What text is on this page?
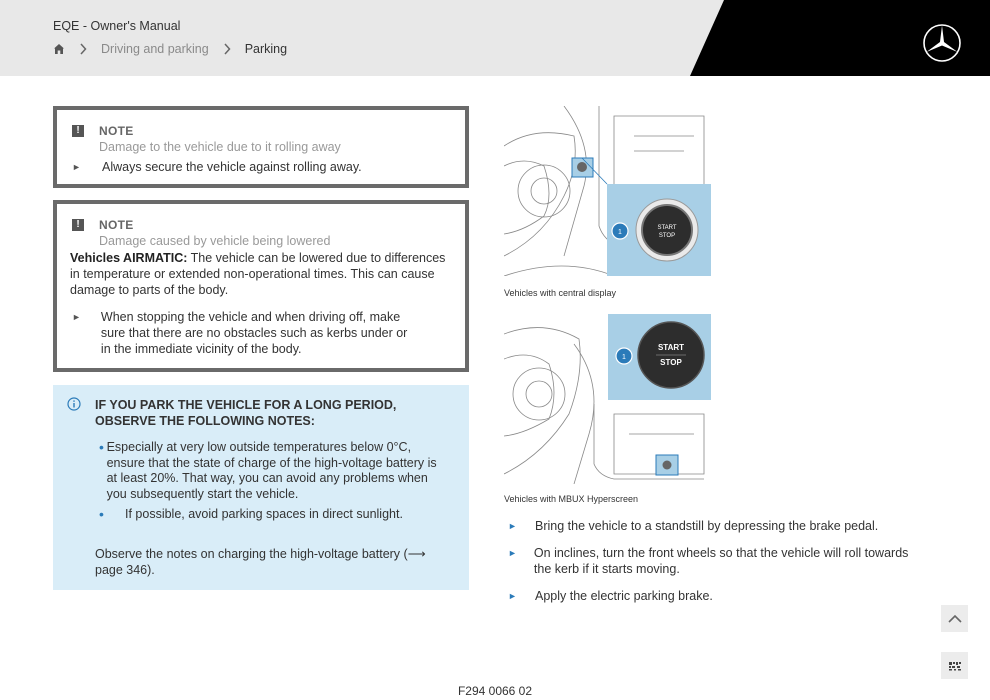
EQE - Owner's Manual
Driving and parking	Parking
!	NOTE
Damage to the vehicle due to it rolling away
► Always secure the vehicle against rolling away.
!	NOTE
Damage caused by vehicle being lowered
Vehicles AIRMATIC: The vehicle can be lowered due to differences in temperature or extended non-operational times. This can cause damage to parts of the body.
► When stopping the vehicle and when driving off, make sure that there are no obstacles such as kerbs under or in the immediate vicinity of the body.
IF YOU PARK THE VEHICLE FOR A LONG PERIOD, OBSERVE THE FOLLOWING NOTES:
• Especially at very low outside temperatures below 0°C, ensure that the state of charge of the high-voltage battery is at least 20%. That way, you can avoid any problems when you subsequently start the vehicle.
•	If possible, avoid parking spaces in direct sunlight.
Observe the notes on charging the high-voltage battery (⟶ page 346).
START
STOP
1
Vehicles with central display
START
STOP
1
Vehicles with MBUX Hyperscreen
► Bring the vehicle to a standstill by depressing the brake pedal.
► On inclines, turn the front wheels so that the vehicle will roll towards the kerb if it starts moving.
► Apply the electric parking brake.
F294 0066 02
